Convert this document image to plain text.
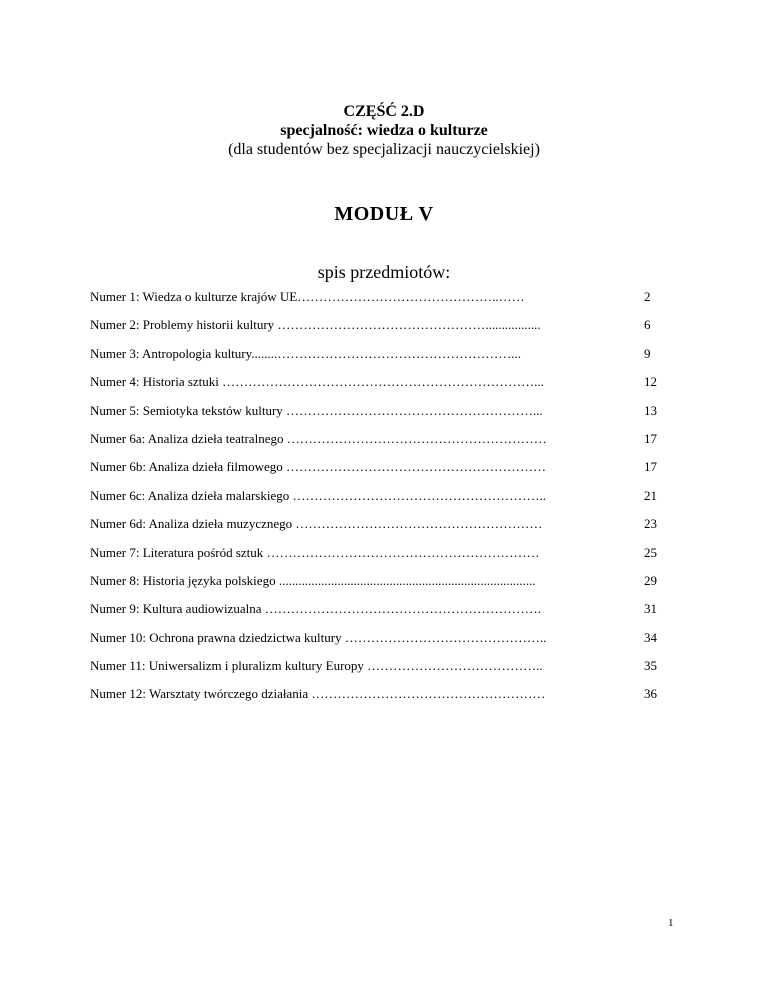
CZĘŚĆ 2.D
specjalność: wiedza o kulturze
(dla studentów bez specjalizacji nauczycielskiej)
MODUŁ V
spis przedmiotów:
Numer 1: Wiedza o kulturze krajów UE………………………………………..……	2
Numer 2: Problemy historii kultury ………………………………………….................	6
Numer 3: Antropologia kultury........………………………………………………...	9
Numer 4: Historia sztuki ………………………………………………………………...	12
Numer 5: Semiotyka tekstów kultury …………………………………………………...	13
Numer 6a: Analiza dzieła teatralnego ……………………………………………………	17
Numer 6b: Analiza dzieła filmowego ……………………………………………………	17
Numer 6c: Analiza dzieła malarskiego …………………………………………………..	21
Numer 6d: Analiza dzieła muzycznego …………………………………………………	23
Numer 7: Literatura pośród sztuk ………………………………………………………	25
Numer 8: Historia języka polskiego ...............................................................................	29
Numer 9: Kultura audiowizualna ……………………………………………………….	31
Numer 10: Ochrona prawna dziedzictwa kultury ………………………………………..	34
Numer 11: Uniwersalizm i pluralizm kultury Europy …………………………………..	35
Numer 12: Warsztaty twórczego działania ………………………………………………	36
1
